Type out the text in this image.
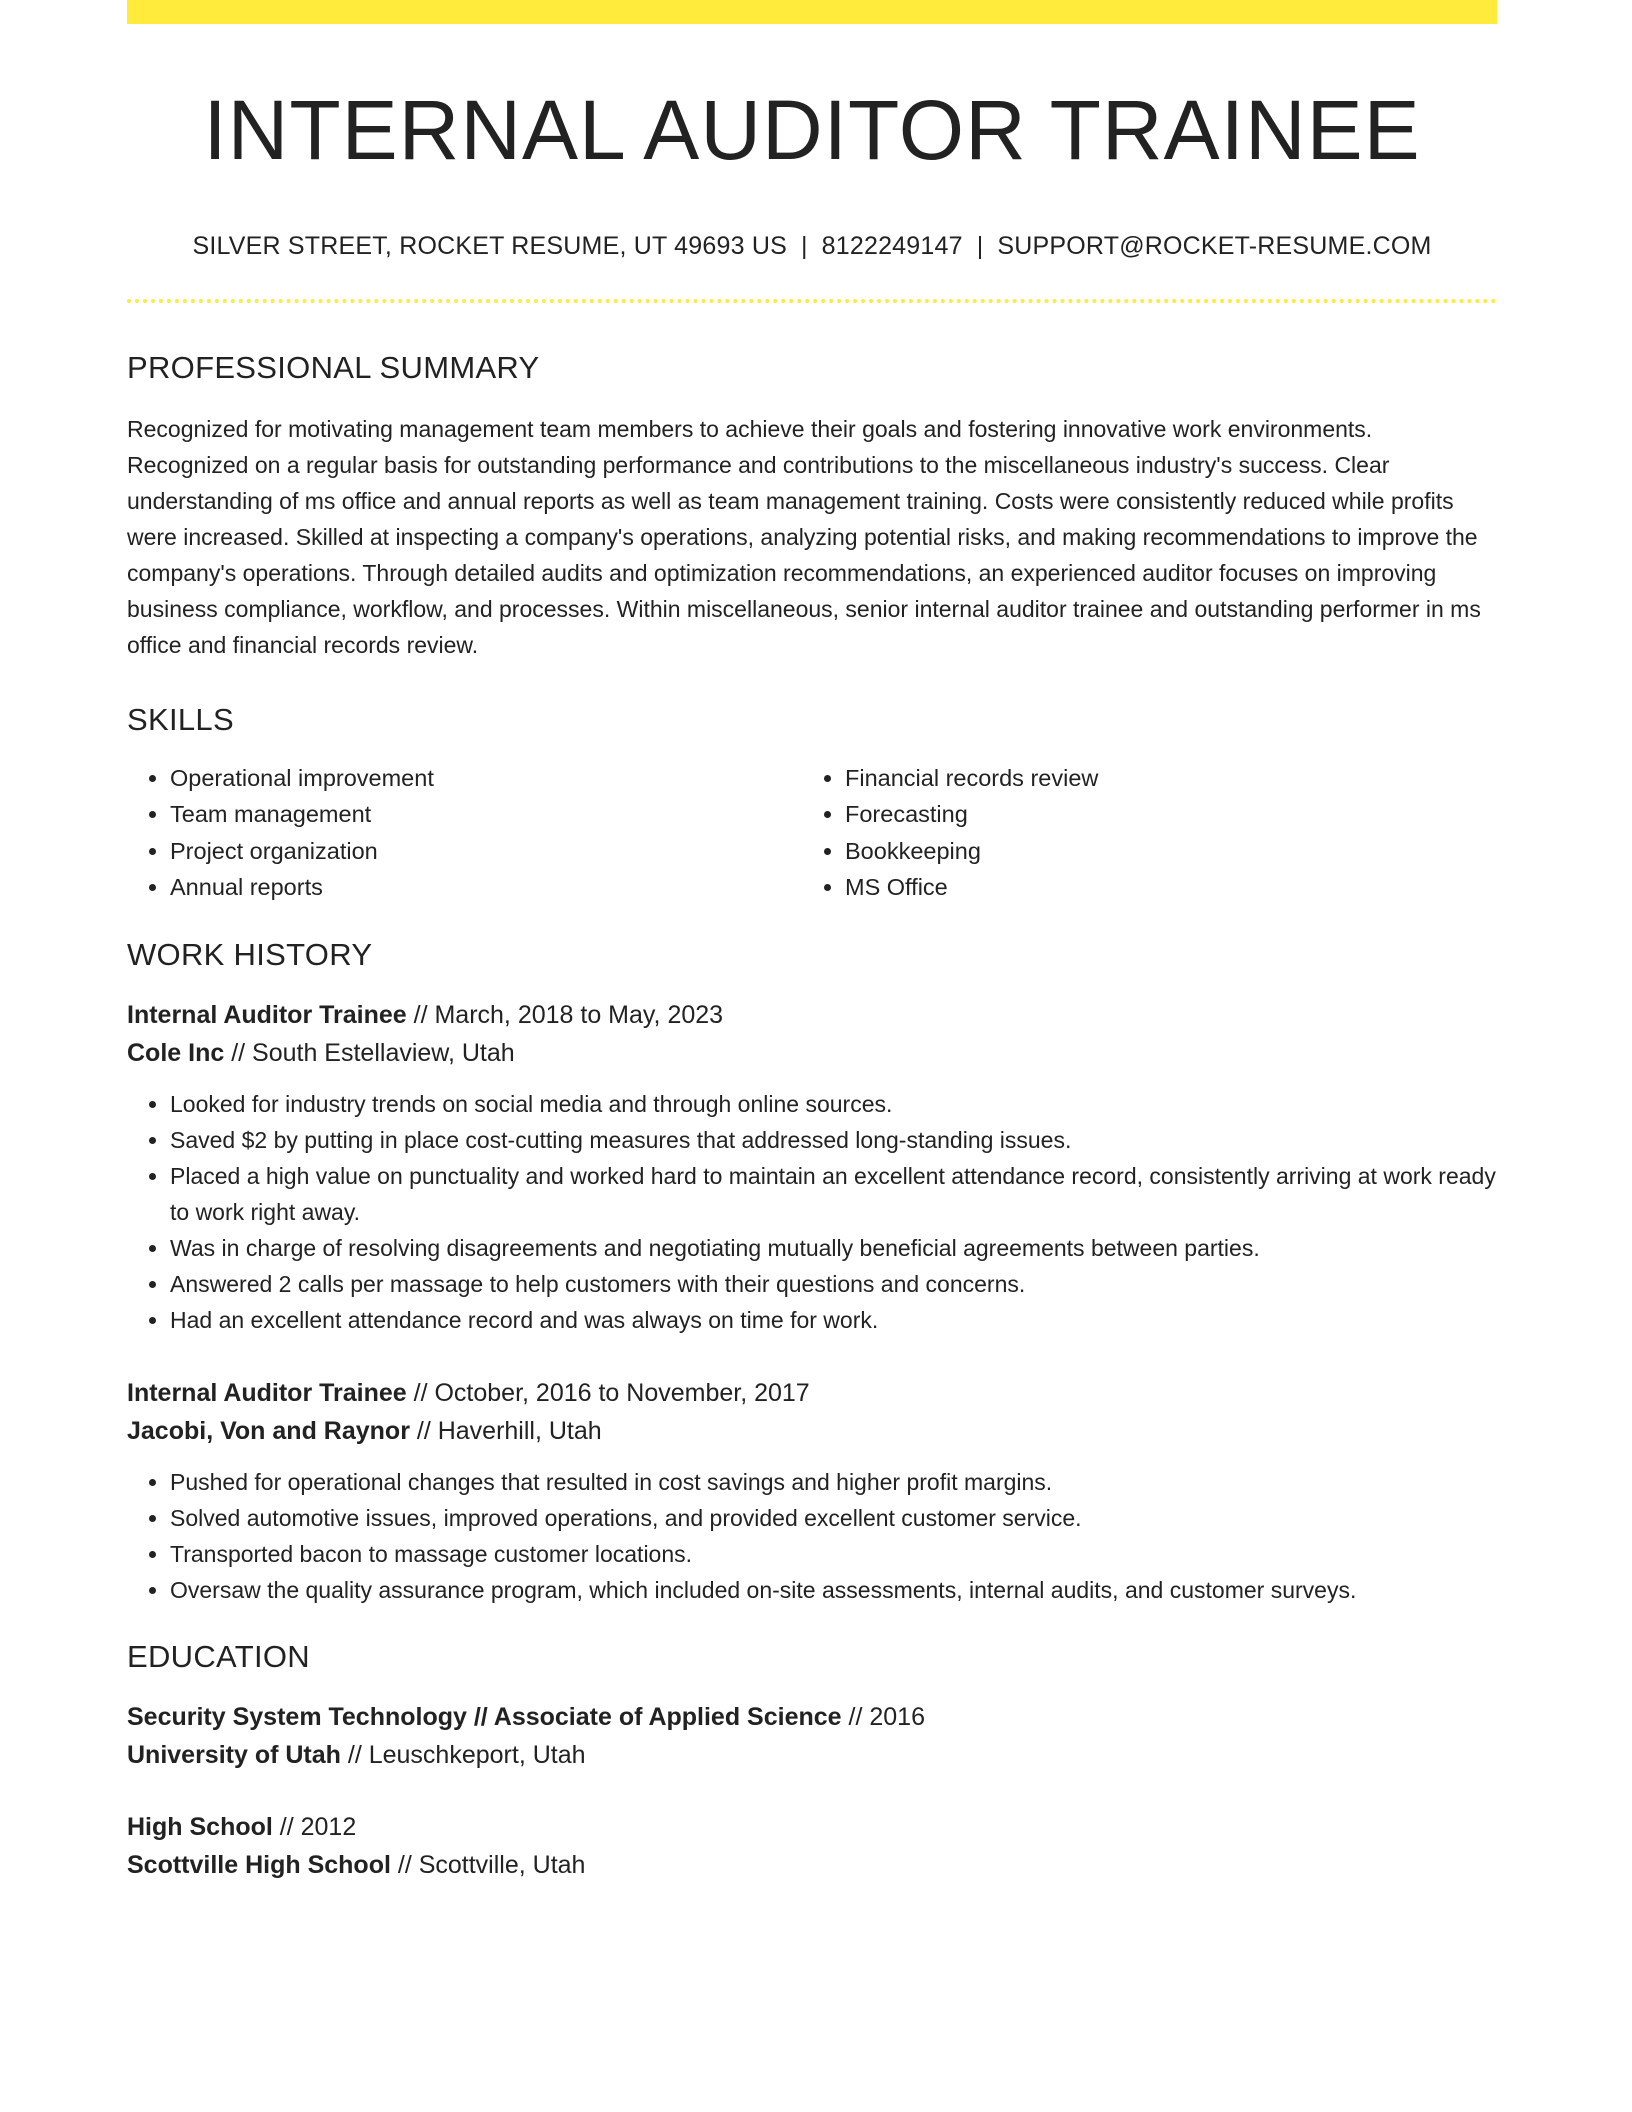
INTERNAL AUDITOR TRAINEE
SILVER STREET, ROCKET RESUME, UT 49693 US | 8122249147 | SUPPORT@ROCKET-RESUME.COM
PROFESSIONAL SUMMARY

Recognized for motivating management team members to achieve their goals and fostering innovative work environments. Recognized on a regular basis for outstanding performance and contributions to the miscellaneous industry's success. Clear understanding of ms office and annual reports as well as team management training. Costs were consistently reduced while profits were increased. Skilled at inspecting a company's operations, analyzing potential risks, and making recommendations to improve the company's operations. Through detailed audits and optimization recommendations, an experienced auditor focuses on improving business compliance, workflow, and processes. Within miscellaneous, senior internal auditor trainee and outstanding performer in ms office and financial records review.

SKILLS
• Operational improvement
• Team management
• Project organization
• Annual reports
• Financial records review
• Forecasting
• Bookkeeping
• MS Office
WORK HISTORY
Internal Auditor Trainee // March, 2018 to May, 2023
Cole Inc // South Estellaview, Utah
• Looked for industry trends on social media and through online sources.
• Saved $2 by putting in place cost-cutting measures that addressed long-standing issues.
• Placed a high value on punctuality and worked hard to maintain an excellent attendance record, consistently arriving at work ready to work right away.
• Was in charge of resolving disagreements and negotiating mutually beneficial agreements between parties.
• Answered 2 calls per massage to help customers with their questions and concerns.
• Had an excellent attendance record and was always on time for work.
Internal Auditor Trainee // October, 2016 to November, 2017
Jacobi, Von and Raynor // Haverhill, Utah
• Pushed for operational changes that resulted in cost savings and higher profit margins.
• Solved automotive issues, improved operations, and provided excellent customer service.
• Transported bacon to massage customer locations.
• Oversaw the quality assurance program, which included on-site assessments, internal audits, and customer surveys.
EDUCATION
Security System Technology // Associate of Applied Science // 2016
University of Utah // Leuschkeport, Utah
High School // 2012
Scottville High School // Scottville, Utah
